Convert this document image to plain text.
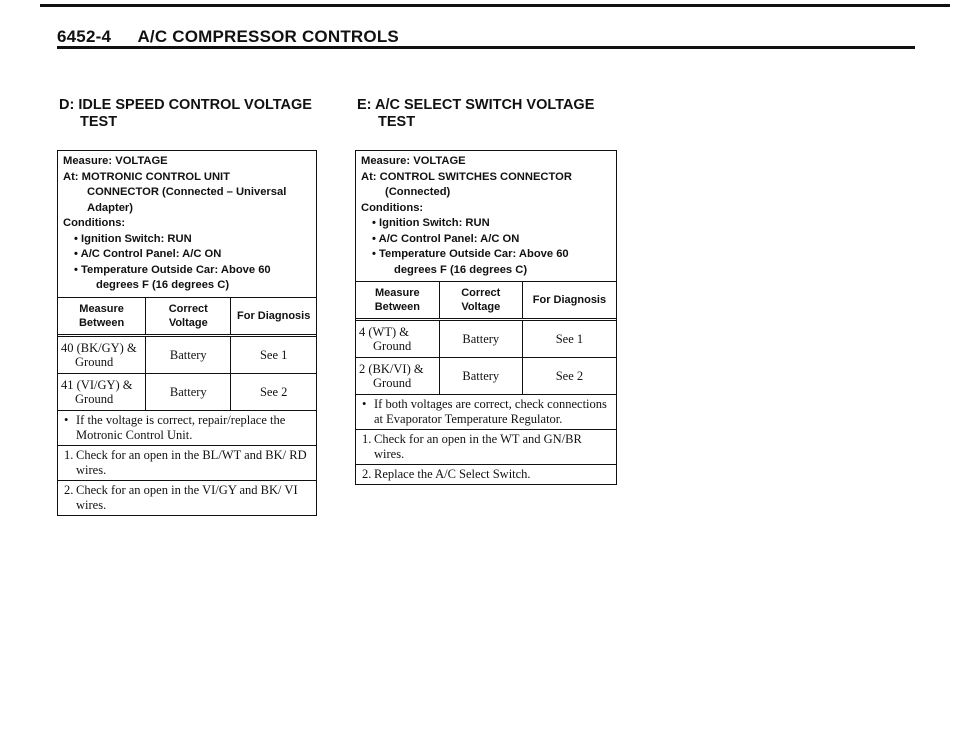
6452-4 A/C COMPRESSOR CONTROLS

D: IDLE SPEED CONTROL VOLTAGE

TEST

Measure: VOLTAGE
At: MOTRONIC CONTROL UNIT
CONNECTOR (Connected – Universal
Adapter)
Conditions:
• Ignition Switch: RUN
• A/C Control Panel: A/C ON
• Temperature Outside Car: Above 60
degrees F (16 degrees C)
Measure Between	Correct Voltage	For Diagnosis
40 (BK/GY) &
Ground	Battery	See 1
41 (VI/GY) &
Ground	Battery	See 2
• If the voltage is correct, repair/replace the Motronic Control Unit.
1. Check for an open in the BL/WT and BK/ RD wires.
2. Check for an open in the VI/GY and BK/ VI wires.

E: A/C SELECT SWITCH VOLTAGE

TEST

Measure: VOLTAGE
At: CONTROL SWITCHES CONNECTOR
(Connected)
Conditions:
• Ignition Switch: RUN
• A/C Control Panel: A/C ON
• Temperature Outside Car: Above 60
degrees F (16 degrees C)
Measure Between	Correct Voltage	For Diagnosis
4 (WT) &
Ground	Battery	See 1
2 (BK/VI) &
Ground	Battery	See 2
• If both voltages are correct, check connections at Evaporator Temperature Regulator.
1. Check for an open in the WT and GN/BR wires.
2. Replace the A/C Select Switch.
